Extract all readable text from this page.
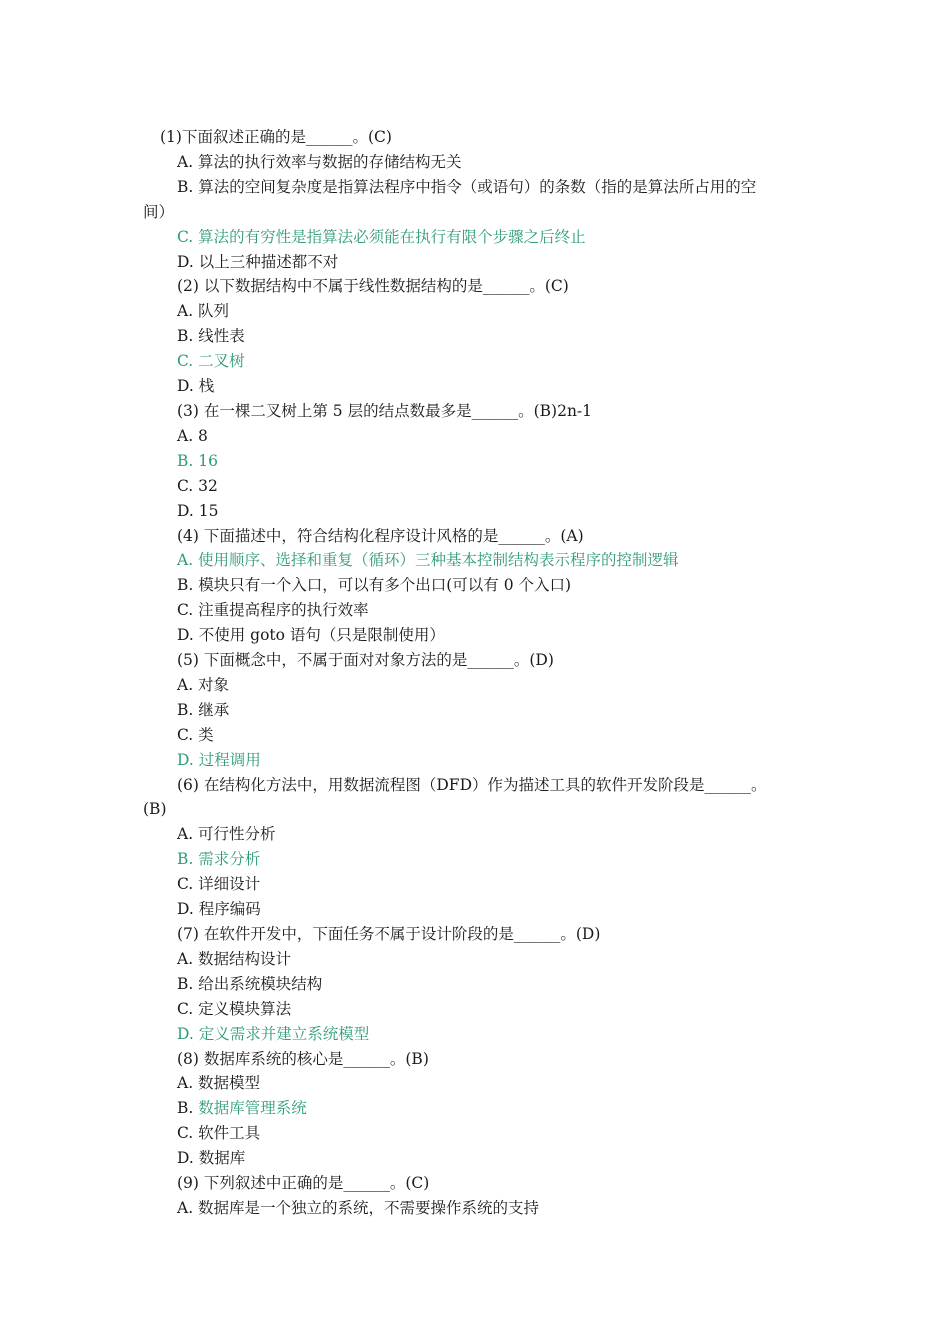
(1)下面叙述正确的是______。(C)
A. 算法的执行效率与数据的存储结构无关
B. 算法的空间复杂度是指算法程序中指令（或语句）的条数（指的是算法所占用的空
间）
C. 算法的有穷性是指算法必须能在执行有限个步骤之后终止
D. 以上三种描述都不对
(2) 以下数据结构中不属于线性数据结构的是______。(C)
A. 队列
B. 线性表
C. 二叉树
D. 栈
(3) 在一棵二叉树上第 5 层的结点数最多是______。(B)2n-1
A. 8
B. 16
C. 32
D. 15
(4) 下面描述中，符合结构化程序设计风格的是______。(A)
A. 使用顺序、选择和重复（循环）三种基本控制结构表示程序的控制逻辑
B. 模块只有一个入口，可以有多个出口(可以有 0 个入口)
C. 注重提高程序的执行效率
D. 不使用 goto 语句（只是限制使用）
(5) 下面概念中，不属于面对对象方法的是______。(D)
A. 对象
B. 继承
C. 类
D. 过程调用
(6) 在结构化方法中，用数据流程图（DFD）作为描述工具的软件开发阶段是______。
(B)
A. 可行性分析
B. 需求分析
C. 详细设计
D. 程序编码
(7) 在软件开发中，下面任务不属于设计阶段的是______。(D)
A. 数据结构设计
B. 给出系统模块结构
C. 定义模块算法
D. 定义需求并建立系统模型
(8) 数据库系统的核心是______。(B)
A. 数据模型
B. 数据库管理系统
C. 软件工具
D. 数据库
(9) 下列叙述中正确的是______。(C)
A. 数据库是一个独立的系统，不需要操作系统的支持
